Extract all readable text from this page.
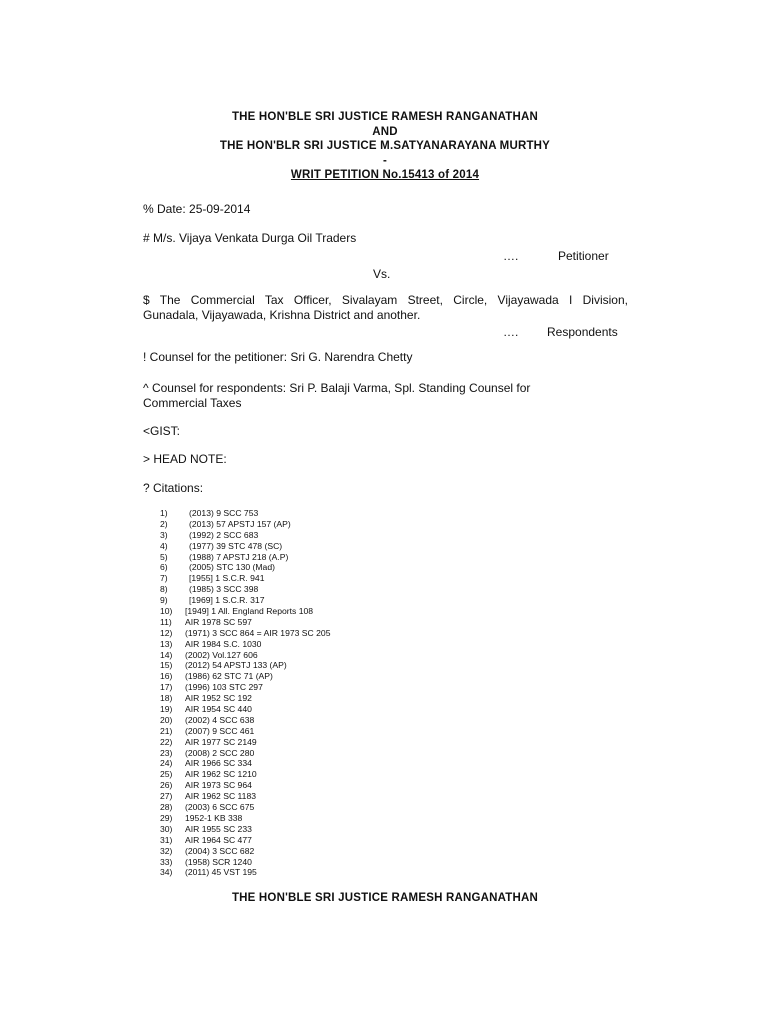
THE HON'BLE SRI JUSTICE RAMESH RANGANATHAN

AND

THE HON'BLR SRI JUSTICE M.SATYANARAYANA MURTHY

-

WRIT PETITION No.15413 of 2014

% Date: 25-09-2014

# M/s. Vijaya Venkata Durga Oil Traders

….	Petitioner
Vs.
$ The Commercial Tax Officer, Sivalayam Street, Circle, Vijayawada I Division,
Gunadala, Vijayawada, Krishna District and another.
…. Respondents

! Counsel for the petitioner: Sri G. Narendra Chetty

^ Counsel for respondents: Sri P. Balaji Varma, Spl. Standing Counsel for

Commercial Taxes

<GIST:

> HEAD NOTE:

? Citations:

1) (2013) 9 SCC 753
2) (2013) 57 APSTJ 157 (AP)
3) (1992) 2 SCC 683
4) (1977) 39 STC 478 (SC)
5) (1988) 7 APSTJ 218 (A.P)
6) (2005) STC 130 (Mad)
7) [1955] 1 S.C.R. 941
8) (1985) 3 SCC 398
9) [1969] 1 S.C.R. 317
10) [1949] 1 All. England Reports 108
11) AIR 1978 SC 597
12) (1971) 3 SCC 864 = AIR 1973 SC 205
13) AIR 1984 S.C. 1030
14) (2002) Vol.127 606
15) (2012) 54 APSTJ 133 (AP)
16) (1986) 62 STC 71 (AP)
17) (1996) 103 STC 297
18) AIR 1952 SC 192
19) AIR 1954 SC 440
20) (2002) 4 SCC 638
21) (2007) 9 SCC 461
22) AIR 1977 SC 2149
23) (2008) 2 SCC 280
24) AIR 1966 SC 334
25) AIR 1962 SC 1210
26) AIR 1973 SC 964
27) AIR 1962 SC 1183
28) (2003) 6 SCC 675
29) 1952-1 KB 338
30) AIR 1955 SC 233
31) AIR 1964 SC 477
32) (2004) 3 SCC 682
33) (1958) SCR 1240
34) (2011) 45 VST 195

THE HON'BLE SRI JUSTICE RAMESH RANGANATHAN
